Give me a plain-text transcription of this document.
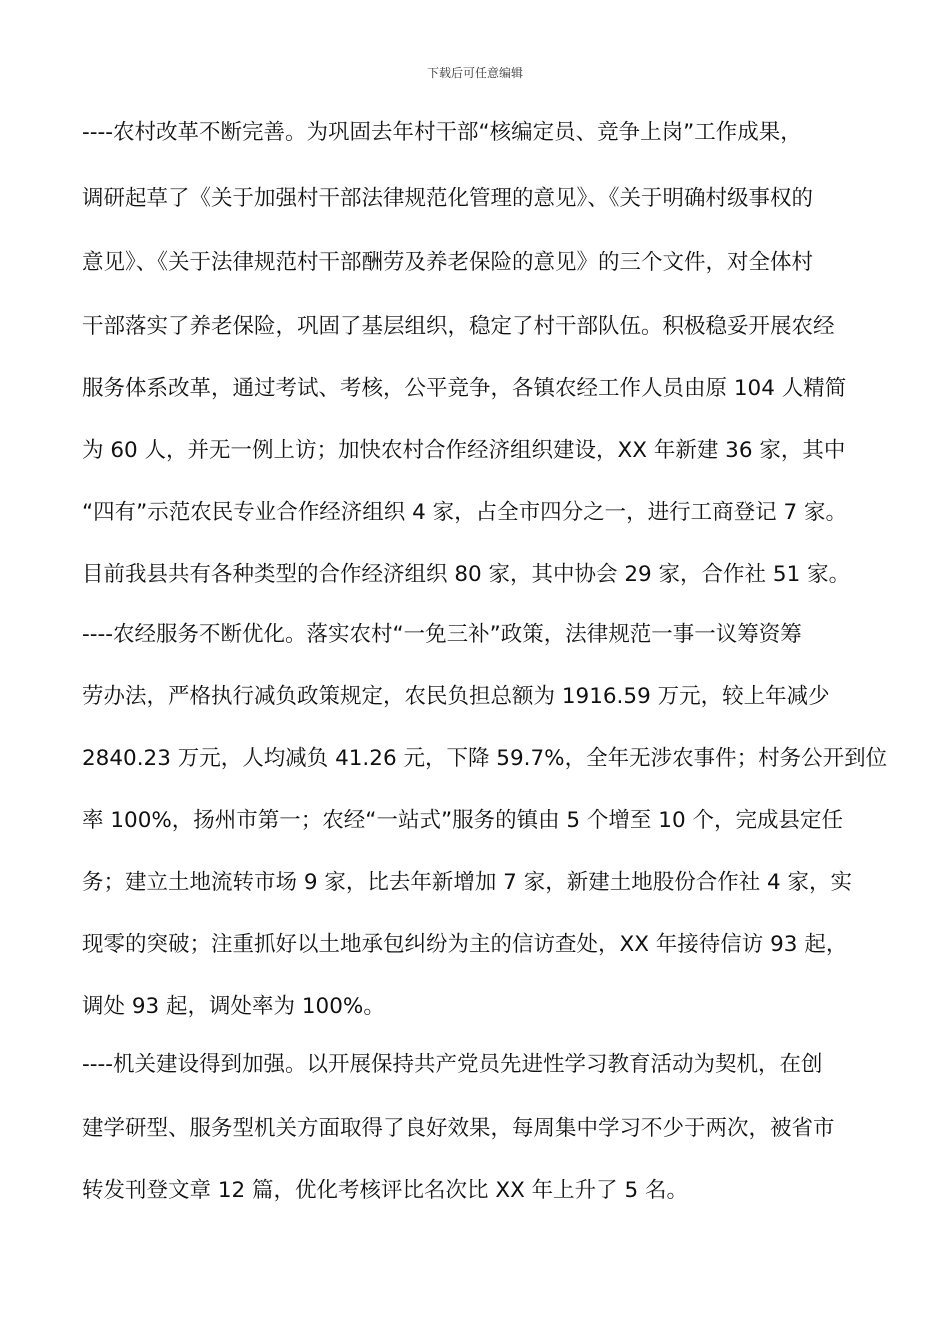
下载后可任意编辑
----农村改革不断完善。为巩固去年村干部“核编定员、竞争上岗”工作成果，
调研起草了《关于加强村干部法律规范化管理的意见》、《关于明确村级事权的
意见》、《关于法律规范村干部酬劳及养老保险的意见》的三个文件，对全体村
干部落实了养老保险，巩固了基层组织，稳定了村干部队伍。积极稳妥开展农经
服务体系改革，通过考试、考核，公平竞争，各镇农经工作人员由原 104 人精简
为 60 人，并无一例上访；加快农村合作经济组织建设，XX 年新建 36 家，其中
“四有”示范农民专业合作经济组织 4 家，占全市四分之一，进行工商登记 7 家。
目前我县共有各种类型的合作经济组织 80 家，其中协会 29 家，合作社 51 家。
----农经服务不断优化。落实农村“一免三补”政策，法律规范一事一议筹资筹
劳办法，严格执行减负政策规定，农民负担总额为 1916.59 万元，较上年减少
2840.23 万元，人均减负 41.26 元，下降 59.7%，全年无涉农事件；村务公开到位
率 100%，扬州市第一；农经“一站式”服务的镇由 5 个增至 10 个，完成县定任
务；建立土地流转市场 9 家，比去年新增加 7 家，新建土地股份合作社 4 家，实
现零的突破；注重抓好以土地承包纠纷为主的信访查处，XX 年接待信访 93 起，
调处 93 起，调处率为 100%。
----机关建设得到加强。以开展保持共产党员先进性学习教育活动为契机，在创
建学研型、服务型机关方面取得了良好效果，每周集中学习不少于两次，被省市
转发刊登文章 12 篇，优化考核评比名次比 XX 年上升了 5 名。
